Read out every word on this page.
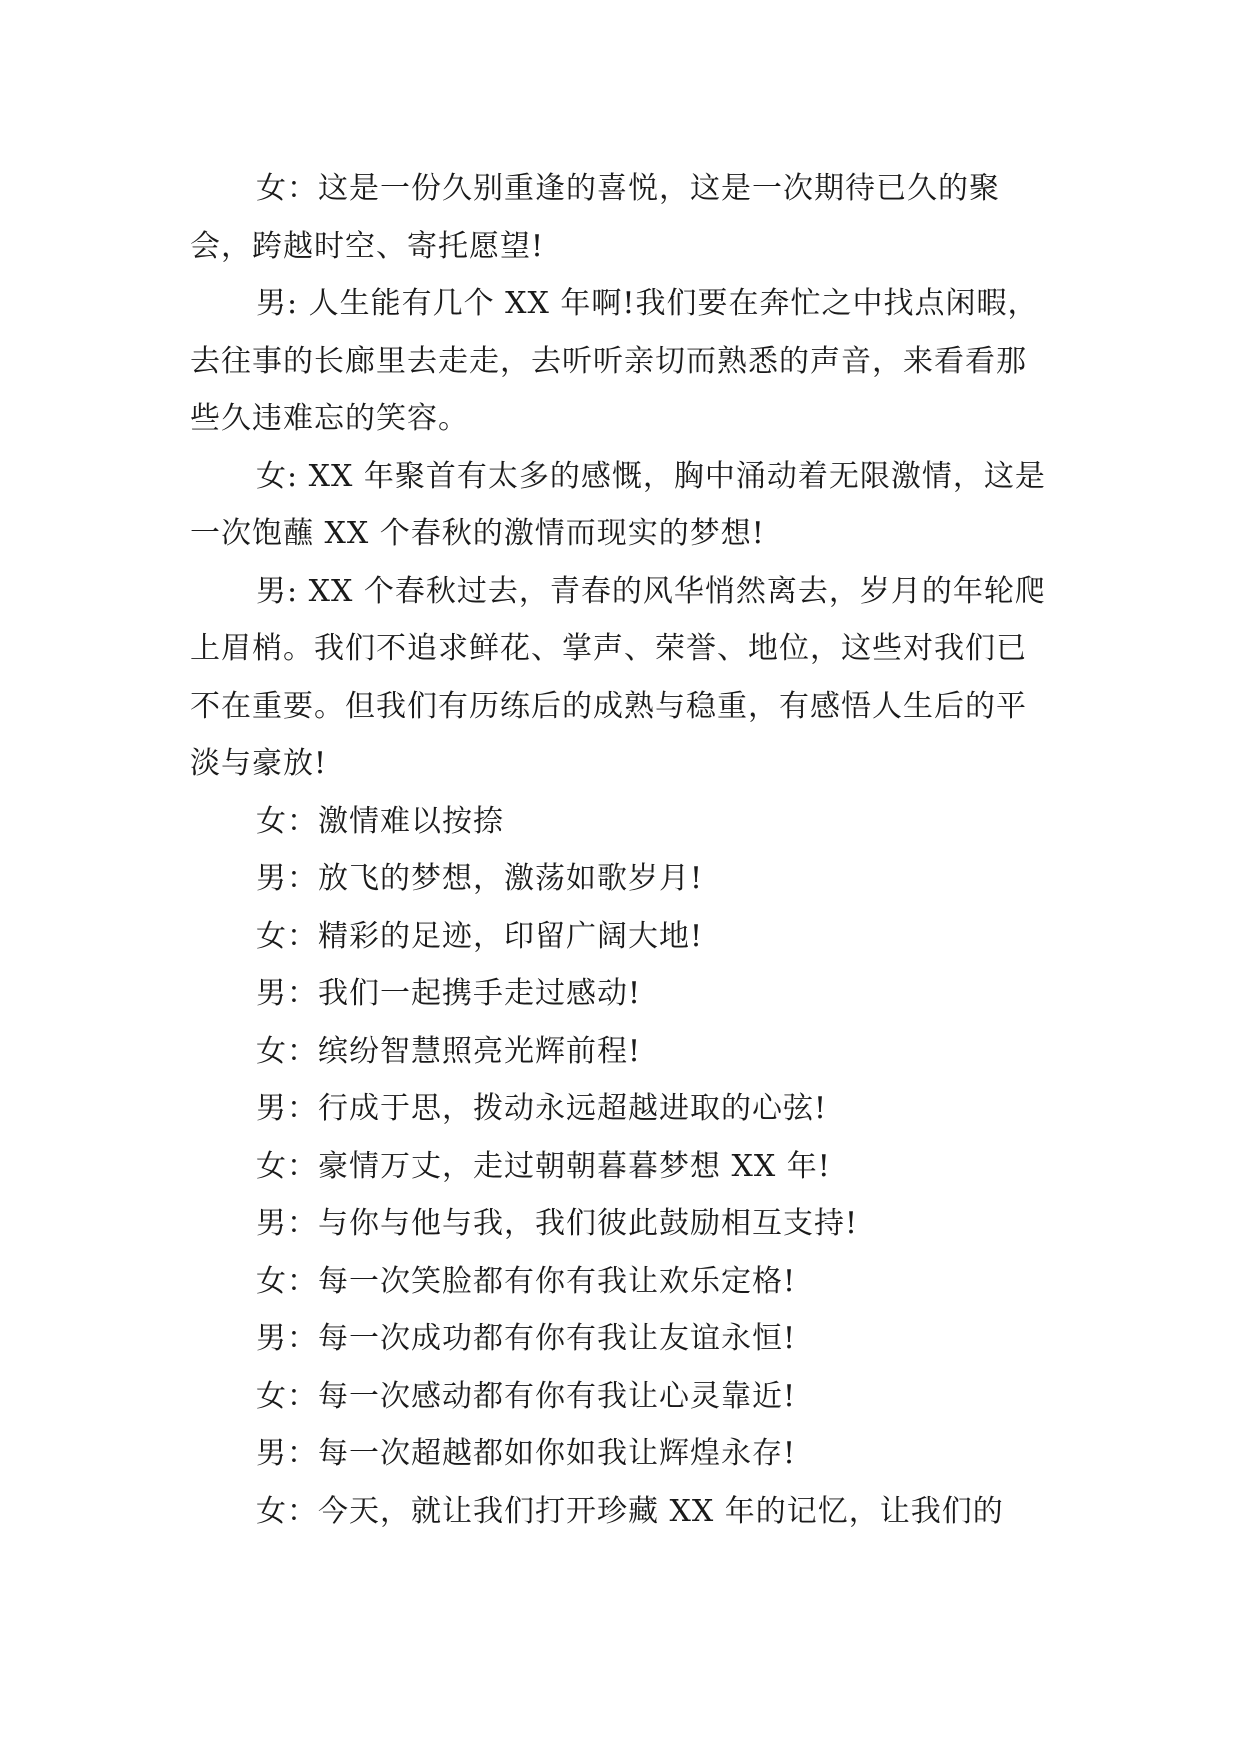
女：这是一份久别重逢的喜悦，这是一次期待已久的聚会，跨越时空、寄托愿望!

男: 人生能有几个 XX 年啊!我们要在奔忙之中找点闲暇，去往事的长廊里去走走，去听听亲切而熟悉的声音，来看看那些久违难忘的笑容。

女: XX 年聚首有太多的感慨，胸中涌动着无限激情，这是一次饱蘸 XX 个春秋的激情而现实的梦想!

男: XX 个春秋过去，青春的风华悄然离去，岁月的年轮爬上眉梢。我们不追求鲜花、掌声、荣誉、地位，这些对我们已不在重要。但我们有历练后的成熟与稳重，有感悟人生后的平淡与豪放!

女：激情难以按捺

男：放飞的梦想，激荡如歌岁月!

女：精彩的足迹，印留广阔大地!

男：我们一起携手走过感动!

女：缤纷智慧照亮光辉前程!

男：行成于思，拨动永远超越进取的心弦!

女：豪情万丈，走过朝朝暮暮梦想 XX 年!

男：与你与他与我，我们彼此鼓励相互支持!

女：每一次笑脸都有你有我让欢乐定格!

男：每一次成功都有你有我让友谊永恒!

女：每一次感动都有你有我让心灵靠近!

男：每一次超越都如你如我让辉煌永存!

女：今天，就让我们打开珍藏 XX 年的记忆，让我们的
